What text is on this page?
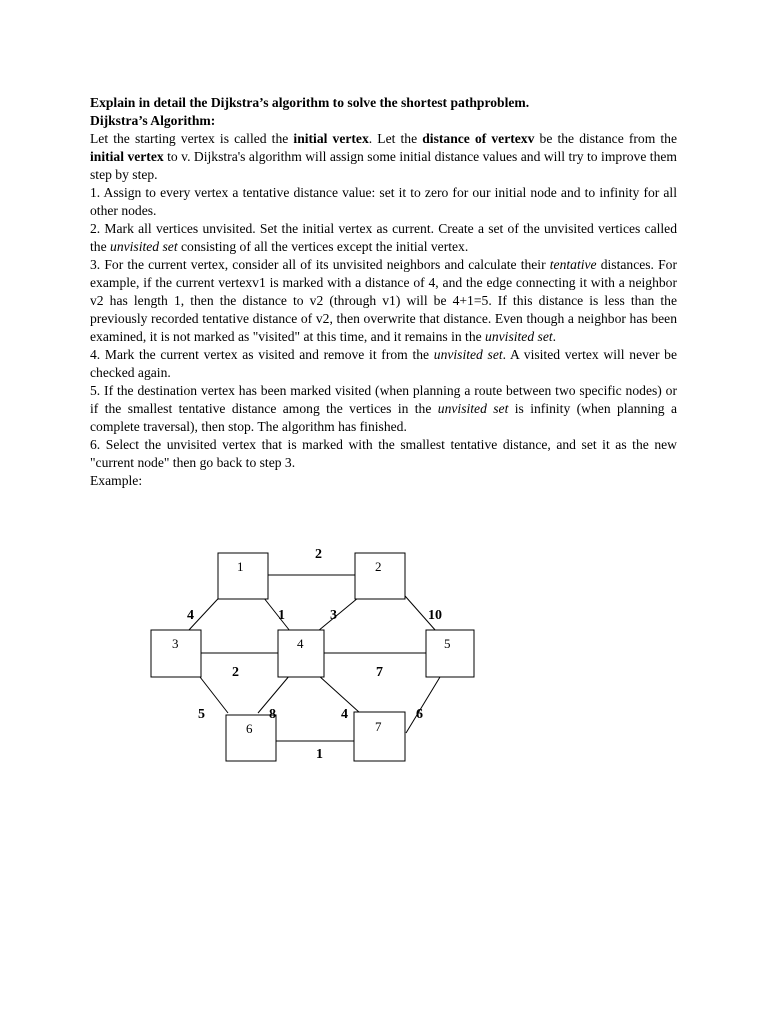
Explain in detail the Dijkstra’s algorithm to solve the shortest pathproblem.

Dijkstra’s Algorithm:

Let the starting vertex is called the initial vertex. Let the distance of vertexv be the distance from the initial vertex to v. Dijkstra's algorithm will assign some initial distance values and will try to improve them step by step.

1. Assign to every vertex a tentative distance value: set it to zero for our initial node and to infinity for all other nodes.

2. Mark all vertices unvisited. Set the initial vertex as current. Create a set of the unvisited vertices called the unvisited set consisting of all the vertices except the initial vertex.

3. For the current vertex, consider all of its unvisited neighbors and calculate their tentative distances. For example, if the current vertexv1 is marked with a distance of 4, and the edge connecting it with a neighbor v2 has length 1, then the distance to v2 (through v1) will be 4+1=5. If this distance is less than the previously recorded tentative distance of v2, then overwrite that distance. Even though a neighbor has been examined, it is not marked as "visited" at this time, and it remains in the unvisited set.

4. Mark the current vertex as visited and remove it from the unvisited set. A visited vertex will never be checked again.

5. If the destination vertex has been marked visited (when planning a route between two specific nodes) or if the smallest tentative distance among the vertices in the unvisited set is infinity (when planning a complete traversal), then stop. The algorithm has finished.

6. Select the unvisited vertex that is marked with the smallest tentative distance, and set it as the new "current node" then go back to step 3.

Example:

1	2
3	4	5
6	7
2
4	1	3	10
2	7
5	8	4	6
1
